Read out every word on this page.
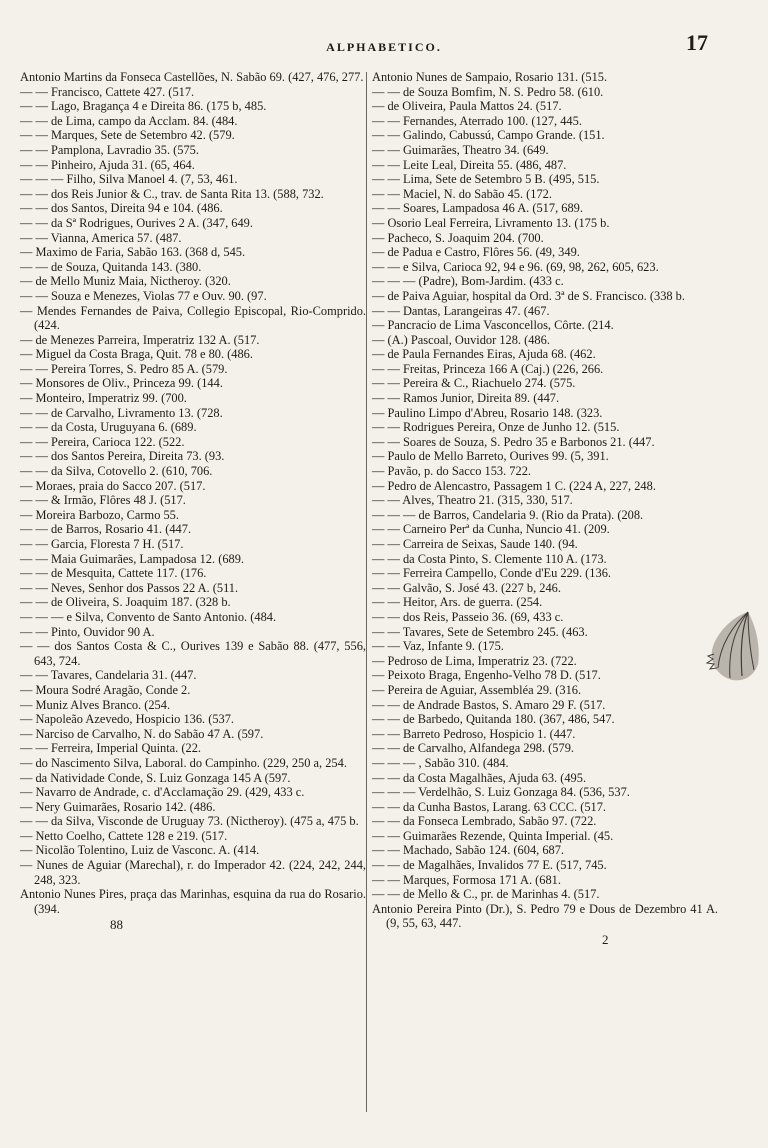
ALPHABETICO.	17

Antonio Martins da Fonseca Castellões, N. Sabão 69. (427, 476, 277.

— — Francisco, Cattete 427. (517.

— — Lago, Bragança 4 e Direita 86. (175 b, 485.

— — de Lima, campo da Acclam. 84. (484.

— — Marques, Sete de Setembro 42. (579.

— — Pamplona, Lavradio 35. (575.

— — Pinheiro, Ajuda 31. (65, 464.

— — — Filho, Silva Manoel 4. (7, 53, 461.

— — dos Reis Junior & C., trav. de Santa Rita 13. (588, 732.

— — dos Santos, Direita 94 e 104. (486.

— — da Sª Rodrigues, Ourives 2 A. (347, 649.

— — Vianna, America 57. (487.

— Maximo de Faria, Sabão 163. (368 d, 545.

— — de Souza, Quitanda 143. (380.

— de Mello Muniz Maia, Nictheroy. (320.

— — Souza e Menezes, Violas 77 e Ouv. 90. (97.

— Mendes Fernandes de Paiva, Collegio Episcopal, Rio-Comprido. (424.

— de Menezes Parreira, Imperatriz 132 A. (517.

— Miguel da Costa Braga, Quit. 78 e 80. (486.

— — Pereira Torres, S. Pedro 85 A. (579.

— Monsores de Oliv., Princeza 99. (144.

— Monteiro, Imperatriz 99. (700.

— — de Carvalho, Livramento 13. (728.

— — da Costa, Uruguyana 6. (689.

— — Pereira, Carioca 122. (522.

— — dos Santos Pereira, Direita 73. (93.

— — da Silva, Cotovello 2. (610, 706.

— Moraes, praia do Sacco 207. (517.

— — & Irmão, Flôres 48 J. (517.

— Moreira Barbozo, Carmo 55.

— — de Barros, Rosario 41. (447.

— — Garcia, Floresta 7 H. (517.

— — Maia Guimarães, Lampadosa 12. (689.

— — de Mesquita, Cattete 117. (176.

— — Neves, Senhor dos Passos 22 A. (511.

— — de Oliveira, S. Joaquim 187. (328 b.

— — — e Silva, Convento de Santo Antonio. (484.

— — Pinto, Ouvidor 90 A.

— — dos Santos Costa & C., Ourives 139 e Sabão 88. (477, 556, 643, 724.

— — Tavares, Candelaria 31. (447.

— Moura Sodré Aragão, Conde 2.

— Muniz Alves Branco. (254.

— Napoleão Azevedo, Hospicio 136. (537.

— Narciso de Carvalho, N. do Sabão 47 A. (597.

— — Ferreira, Imperial Quinta. (22.

— do Nascimento Silva, Laboral. do Campinho. (229, 250 a, 254.

— da Natividade Conde, S. Luiz Gonzaga 145 A (597.

— Navarro de Andrade, c. d'Acclamação 29. (429, 433 c.

— Nery Guimarães, Rosario 142. (486.

— — da Silva, Visconde de Uruguay 73. (Nictheroy). (475 a, 475 b.

— Netto Coelho, Cattete 128 e 219. (517.

— Nicolão Tolentino, Luiz de Vasconc. A. (414.

— Nunes de Aguiar (Marechal), r. do Imperador 42. (224, 242, 244, 248, 323.

Antonio Nunes Pires, praça das Marinhas, esquina da rua do Rosario. (394.

88

Antonio Nunes de Sampaio, Rosario 131. (515.

— — de Souza Bomfim, N. S. Pedro 58. (610.

— de Oliveira, Paula Mattos 24. (517.

— — Fernandes, Aterrado 100. (127, 445.

— — Galindo, Cabussú, Campo Grande. (151.

— — Guimarães, Theatro 34. (649.

— — Leite Leal, Direita 55. (486, 487.

— — Lima, Sete de Setembro 5 B. (495, 515.

— — Maciel, N. do Sabão 45. (172.

— — Soares, Lampadosa 46 A. (517, 689.

— Osorio Leal Ferreira, Livramento 13. (175 b.

— Pacheco, S. Joaquim 204. (700.

— de Padua e Castro, Flôres 56. (49, 349.

— — e Silva, Carioca 92, 94 e 96. (69, 98, 262, 605, 623.

— — — (Padre), Bom-Jardim. (433 c.

— de Paiva Aguiar, hospital da Ord. 3ª de S. Francisco. (338 b.

— — Dantas, Larangeiras 47. (467.

— Pancracio de Lima Vasconcellos, Côrte. (214.

— (A.) Pascoal, Ouvidor 128. (486.

— de Paula Fernandes Eiras, Ajuda 68. (462.

— — Freitas, Princeza 166 A (Caj.) (226, 266.

— — Pereira & C., Riachuelo 274. (575.

— — Ramos Junior, Direita 89. (447.

— Paulino Limpo d'Abreu, Rosario 148. (323.

— — Rodrigues Pereira, Onze de Junho 12. (515.

— — Soares de Souza, S. Pedro 35 e Barbonos 21. (447.

— Paulo de Mello Barreto, Ourives 99. (5, 391.

— Pavão, p. do Sacco 153. 722.

— Pedro de Alencastro, Passagem 1 C. (224 A, 227, 248.

— — Alves, Theatro 21. (315, 330, 517.

— — — de Barros, Candelaria 9. (Rio da Prata). (208.

— — Carneiro Perª da Cunha, Nuncio 41. (209.

— — Carreira de Seixas, Saude 140. (94.

— — da Costa Pinto, S. Clemente 110 A. (173.

— — Ferreira Campello, Conde d'Eu 229. (136.

— — Galvão, S. José 43. (227 b, 246.

— — Heitor, Ars. de guerra. (254.

— — dos Reis, Passeio 36. (69, 433 c.

— — Tavares, Sete de Setembro 245. (463.

— — Vaz, Infante 9. (175.

— Pedroso de Lima, Imperatriz 23. (722.

— Peixoto Braga, Engenho-Velho 78 D. (517.

— Pereira de Aguiar, Assembléa 29. (316.

— — de Andrade Bastos, S. Amaro 29 F. (517.

— — de Barbedo, Quitanda 180. (367, 486, 547.

— — Barreto Pedroso, Hospicio 1. (447.

— — de Carvalho, Alfandega 298. (579.

— — — , Sabão 310. (484.

— — da Costa Magalhães, Ajuda 63. (495.

— — — Verdelhão, S. Luiz Gonzaga 84. (536, 537.

— — da Cunha Bastos, Larang. 63 CCC. (517.

— — da Fonseca Lembrado, Sabão 97. (722.

— — Guimarães Rezende, Quinta Imperial. (45.

— — Machado, Sabão 124. (604, 687.

— — de Magalhães, Invalidos 77 E. (517, 745.

— — Marques, Formosa 171 A. (681.

— — de Mello & C., pr. de Marinhas 4. (517.

Antonio Pereira Pinto (Dr.), S. Pedro 79 e Dous de Dezembro 41 A. (9, 55, 63, 447.

2
